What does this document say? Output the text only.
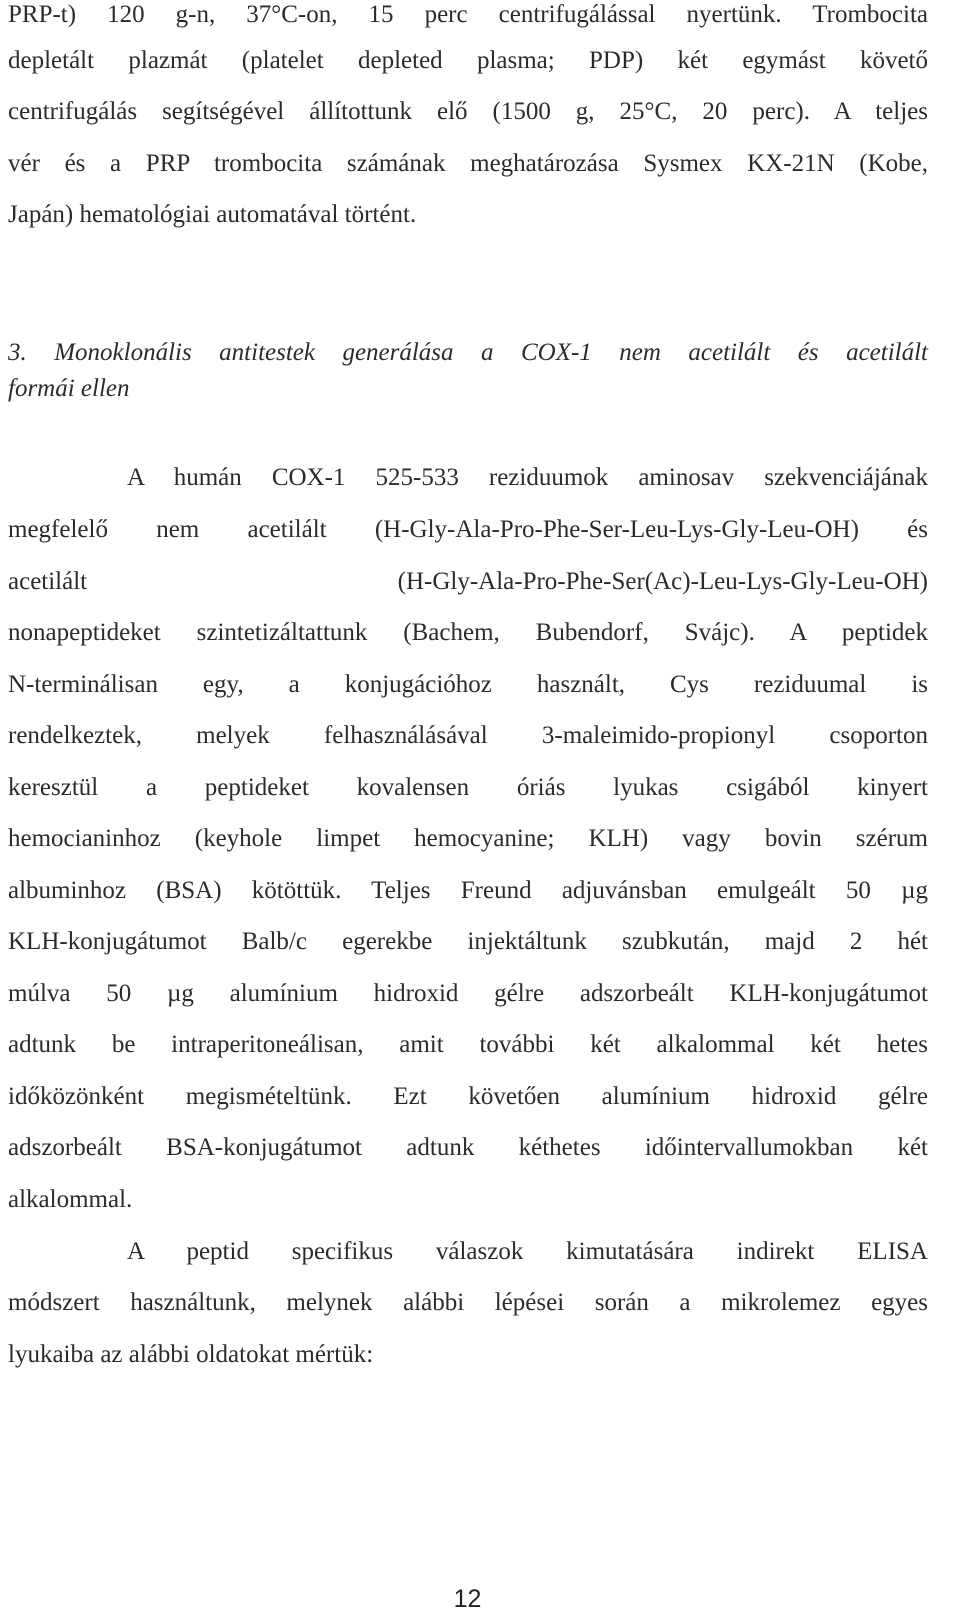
PRP-t) 120 g-n, 37°C-on, 15 perc centrifugálással nyertünk. Trombocita
depletált plazmát (platelet depleted plasma; PDP) két egymást követő
centrifugálás segítségével állítottunk elő (1500 g, 25°C, 20 perc). A teljes
vér és a PRP trombocita számának meghatározása Sysmex KX-21N (Kobe,
Japán) hematológiai automatával történt.
3. Monoklonális antitestek generálása a COX-1 nem acetilált és acetilált
formái ellen
A humán COX-1 525-533 reziduumok aminosav szekvenciájának
megfelelő nem acetilált (H-Gly-Ala-Pro-Phe-Ser-Leu-Lys-Gly-Leu-OH) és
acetilált	(H-Gly-Ala-Pro-Phe-Ser(Ac)-Leu-Lys-Gly-Leu-OH)
nonapeptideket szintetizáltattunk (Bachem, Bubendorf, Svájc). A peptidek
N-terminálisan egy, a konjugációhoz használt, Cys reziduumal is
rendelkeztek, melyek felhasználásával 3-maleimido-propionyl csoporton
keresztül a peptideket kovalensen óriás lyukas csigából kinyert
hemocianinhoz (keyhole limpet hemocyanine; KLH) vagy bovin szérum
albuminhoz (BSA) kötöttük. Teljes Freund adjuvánsban emulgeált 50 µg
KLH-konjugátumot Balb/c egerekbe injektáltunk szubkután, majd 2 hét
múlva 50 µg alumínium hidroxid gélre adszorbeált KLH-konjugátumot
adtunk be intraperitoneálisan, amit további két alkalommal két hetes
időközönként megismételtünk. Ezt követően alumínium hidroxid gélre
adszorbeált BSA-konjugátumot adtunk kéthetes időintervallumokban két
alkalommal.
A peptid specifikus válaszok kimutatására indirekt ELISA
módszert használtunk, melynek alábbi lépései során a mikrolemez egyes
lyukaiba az alábbi oldatokat mértük:
12
